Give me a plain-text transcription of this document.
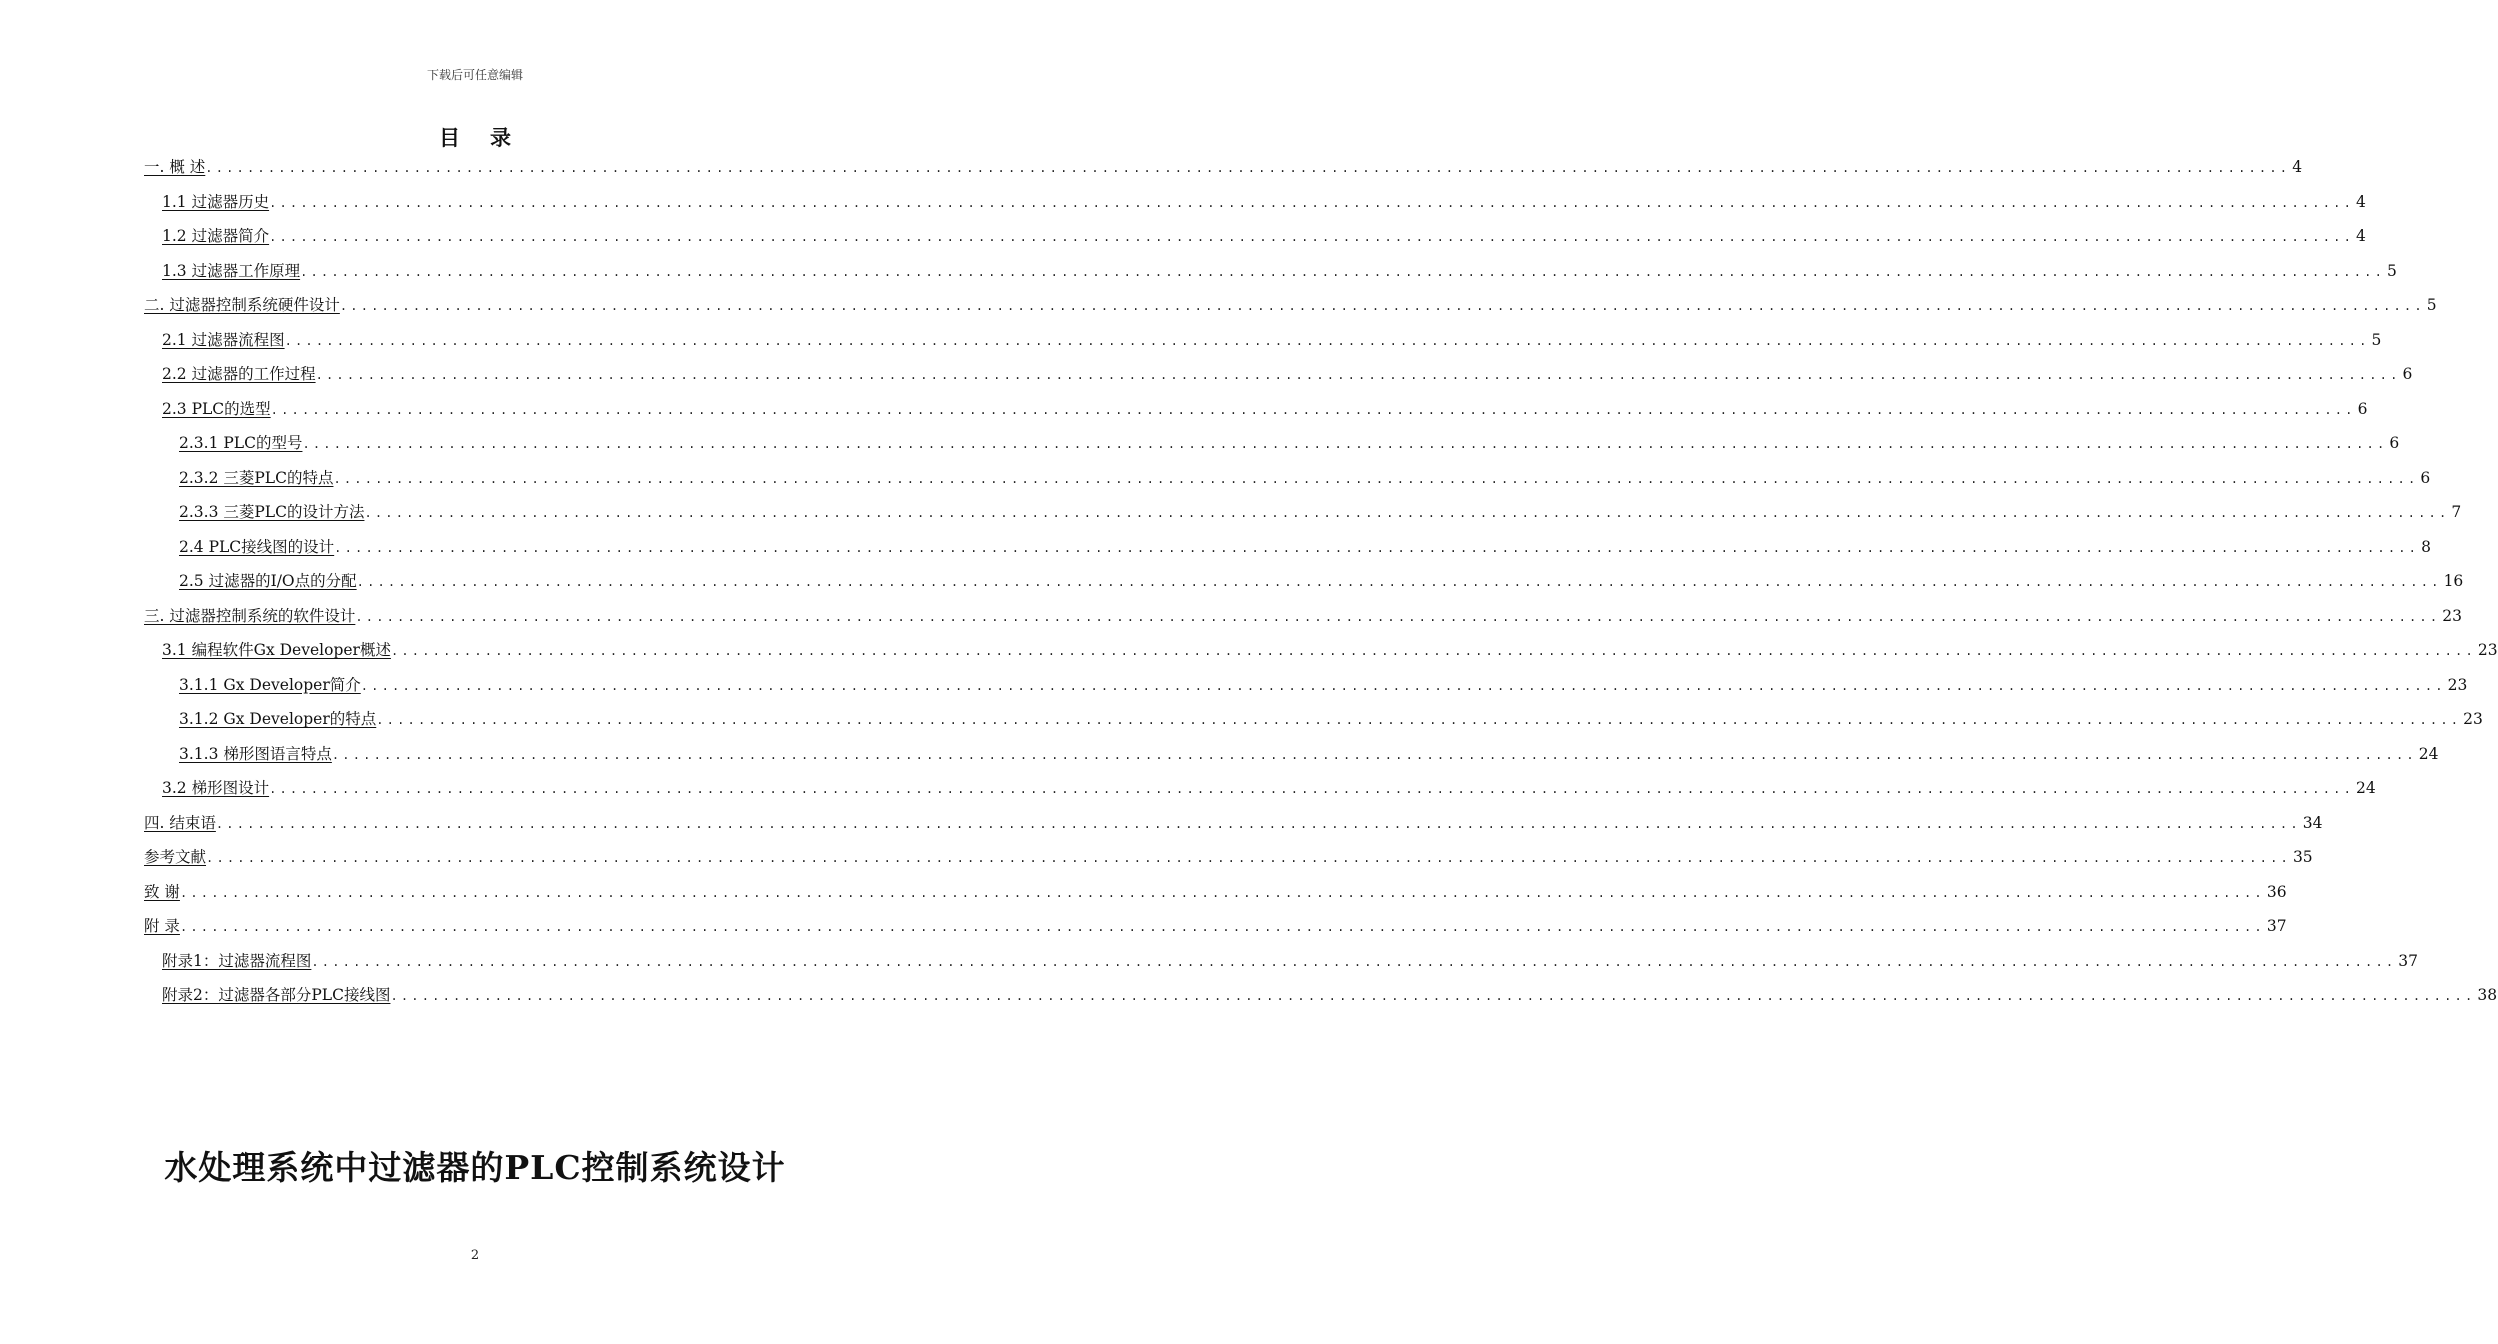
下载后可任意编辑
目录
一. 概 述 ........................................................................................................................................................................................................ 4
1.1 过滤器历史 ........................................................................................................................................................................................................ 4
1.2 过滤器简介 ........................................................................................................................................................................................................ 4
1.3 过滤器工作原理 ........................................................................................................................................................................................................ 5
二. 过滤器控制系统硬件设计 ........................................................................................................................................................................................................ 5
2.1 过滤器流程图 ........................................................................................................................................................................................................ 5
2.2 过滤器的工作过程 ........................................................................................................................................................................................................ 6
2.3 PLC的选型 ........................................................................................................................................................................................................ 6
2.3.1 PLC的型号 ........................................................................................................................................................................................................ 6
2.3.2 三菱PLC的特点 ........................................................................................................................................................................................................ 6
2.3.3 三菱PLC的设计方法 ........................................................................................................................................................................................................ 7
2.4 PLC接线图的设计 ........................................................................................................................................................................................................ 8
2.5 过滤器的I/O点的分配 ........................................................................................................................................................................................................ 16
三. 过滤器控制系统的软件设计 ........................................................................................................................................................................................................ 23
3.1 编程软件Gx Developer概述 ........................................................................................................................................................................................................ 23
3.1.1 Gx Developer简介 ........................................................................................................................................................................................................ 23
3.1.2 Gx Developer的特点 ........................................................................................................................................................................................................ 23
3.1.3 梯形图语言特点 ........................................................................................................................................................................................................ 24
3.2 梯形图设计 ........................................................................................................................................................................................................ 24
四. 结束语 ........................................................................................................................................................................................................ 34
参考文献 ........................................................................................................................................................................................................ 35
致 谢 ........................................................................................................................................................................................................ 36
附 录 ........................................................................................................................................................................................................ 37
附录1：过滤器流程图 ........................................................................................................................................................................................................ 37
附录2：过滤器各部分PLC接线图 ........................................................................................................................................................................................................ 38
水处理系统中过滤器的PLC控制系统设计
2
